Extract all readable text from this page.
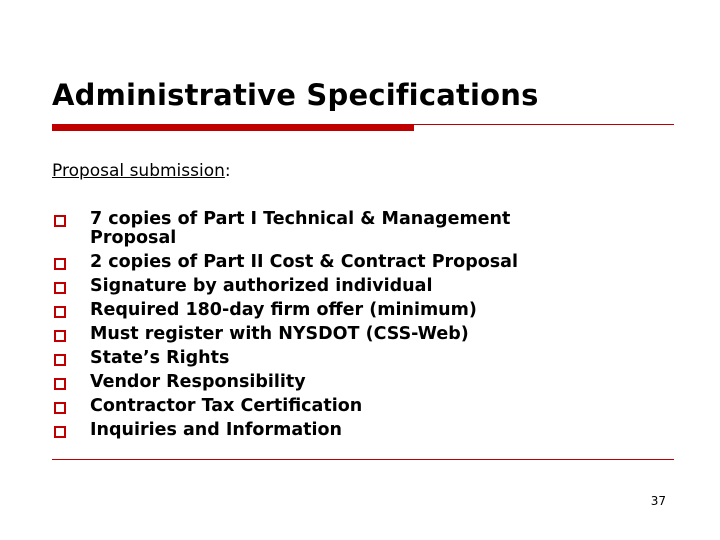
Administrative Specifications
Proposal submission:
7 copies of Part I Technical & Management Proposal
2 copies of Part II Cost & Contract Proposal
Signature by authorized individual
Required 180-day firm offer (minimum)
Must register with NYSDOT (CSS-Web)
State’s Rights
Vendor Responsibility
Contractor Tax Certification
Inquiries and Information
37
